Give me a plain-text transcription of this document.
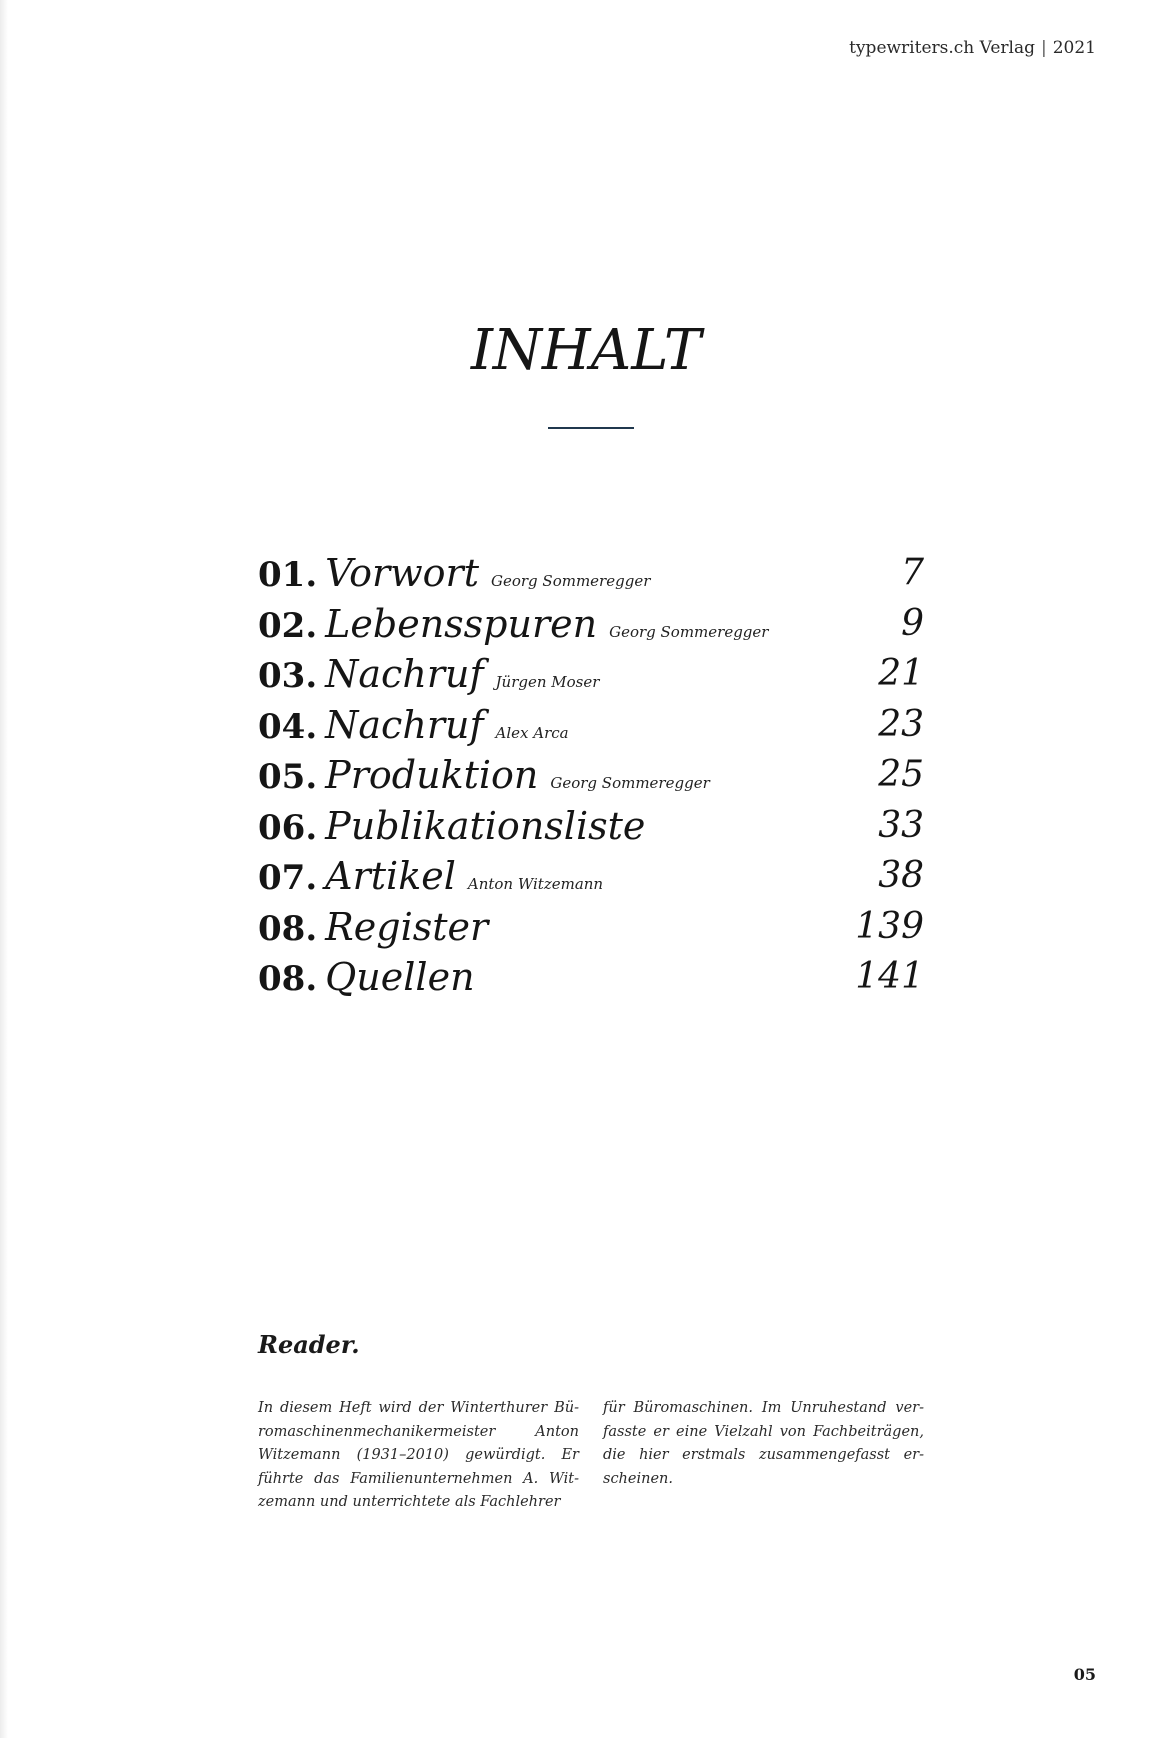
typewriters.ch Verlag | 2021
INHALT
01. Vorwort Georg Sommeregger	7
02. Lebensspuren Georg Sommeregger	9
03. Nachruf Jürgen Moser	21
04. Nachruf Alex Arca	23
05. Produktion Georg Sommeregger	25
06. Publikationsliste	33
07. Artikel Anton Witzemann	38
08. Register	139
08. Quellen	141
Reader.
In diesem Heft wird der Winterthurer Büromaschinenmechanikermeister Anton Witzemann (1931–2010) gewürdigt. Er führte das Familienunternehmen A. Witzemann und unterrichtete als Fachlehrer
für Büromaschinen. Im Unruhestand verfasste er eine Vielzahl von Fachbeiträgen, die hier erstmals zusammengefasst erscheinen.
05
